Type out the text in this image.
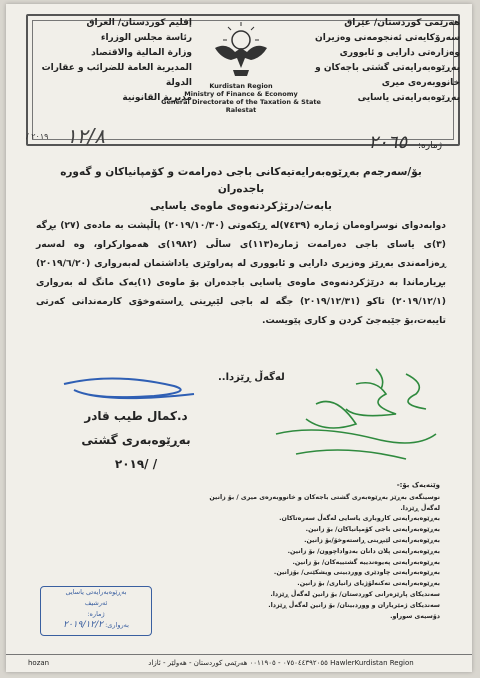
هەرێمی کوردستان/ عێراق
سەرۆکایەتی ئەنجومەنی وەزیران
وەزارەتی دارایی و ئابووری
بەڕێوەبەرایەتی گشتی باجەکان و خانووبەرەی میری
بەڕێوەبەرایەتی یاسایی
إقليم كوردستان/ العراق
رئاسة مجلس الوزراء
وزارة المالية والاقتصاد
المديرية العامة للضرائب و عقارات الدولة
مديرية القانونية
Kurdistan Region
Ministry of Finance & Economy
General Directorate of the Taxation & State Ralestat
/ ۲۰۱۹ ١٢/٨	ژمارە: ٢٠٦٥
بۆ/سەرجەم بەڕێوەبەرایەتیەکانی باجی دەرامەت و کۆمپانیاکان و گەورە باجدەران
بابەت/درێژکردنەوەی ماوەی یاسایی
دوابەدوای نوسراوەمان ژمارە (٧٤٣٩)لە ڕێکەوتی (٢٠١٩/١٠/٣٠) پاڵپشت بە مادەی (٢٧) بڕگە (٣)ی یاسای باجی دەرامەت ژمارە(١١٣)ی ساڵی (١٩٨٢)ی هەمواركراو، وە لەسەر ڕەزامەندی بەڕێز وەزیری دارایی و ئابووری لە پەراوێزی یاداشتمان لەبەرواری (٢٠١٩/٦/٢٠) بڕیارماندا بە درێژکردنەوەی ماوەی یاسایی باجدەران بۆ ماوەی (١)یەک مانگ لە بەرواری (٢٠١٩/١٢/١) تاکو (٢٠١٩/١٢/٣١) جگە لە باجی لێبڕینی ڕاستەوخۆی کارمەندانی کەرتی تایبەت،بۆ جێبەجێ کردن و کاری پێویست.
لەگەڵ ڕێزدا..
د.كمال طيب قادر
بەڕێوەبەری گشتی
/ /٢٠١٩
وێنەیەک بۆ:-
نوسینگەی بەڕێز بەڕێوەبەری گشتی باجەکان و خانووبەرەی میری / بۆ زانین لەگەڵ ڕێزدا.
بەڕێوەبەرایەتی کاروباری یاسایی لەگەڵ سەرەتاکان.
بەڕێوەبەرایەتی باجی کۆمپانیاکان/ بۆ زانین.
بەڕێوەبەرایەتی لێبڕینی ڕاستەوخۆ/بۆ زانین.
بەڕێوەبەرایەتی پلان دانان بەدواداچوون/ بۆ زانین.
بەڕێوەبەرایەتی پەیوەندییە گشتییەکان/ بۆ زانین.
بەڕێوەبەرایەتی چاودێری ووردبینی ویشکێنی/ بۆزانین.
بەڕێوەبەرایەتی تەکنەلۆژیای زانیاری/ بۆ زانین.
سەندیکای پارێزەرانی کوردستان/ بۆ زانین لەگەڵ ڕێزدا.
سەندیکای ژمێریاران و ووردبینان/ بۆ زانین لەگەڵ ڕێزدا.
دۆسیەی سوراو.
بەڕێوەبەرایەتی یاسایی
ئەرشیف
ژمارە:
بەرواری: ٢٠١٩/١٢/٢
hozan	HawlerKurdistan Region ٠٧٥٠٤٤٣٩٢٠٥٥ - ٠٠١١٩٠٥ هەرێمی كوردستان - هەولێر - ئازاد
